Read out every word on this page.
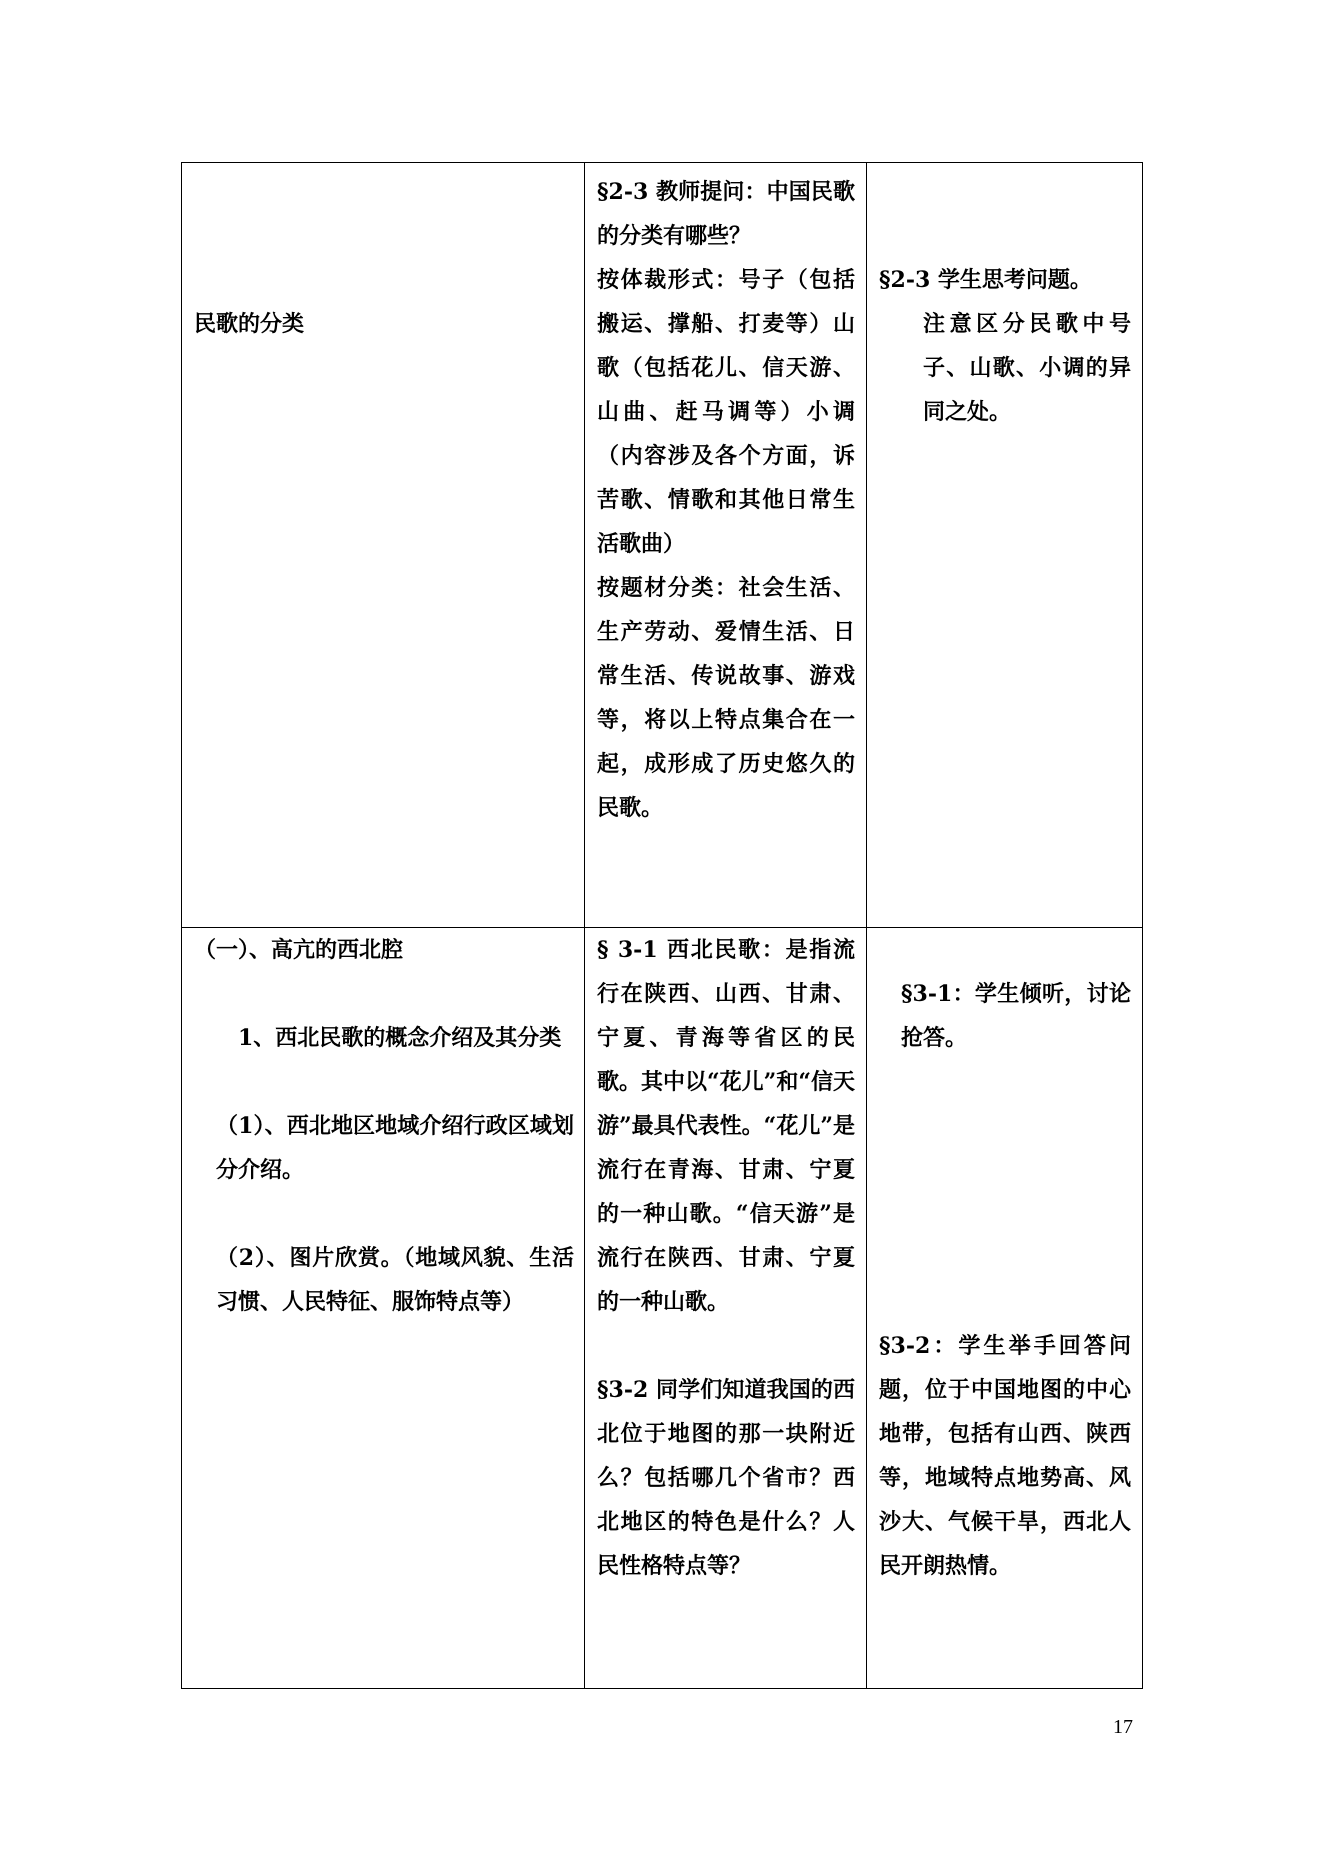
民歌的分类

§2-3 教师提问：中国民歌的分类有哪些？

按体裁形式：号子（包括搬运、撑船、打麦等）山歌（包括花儿、信天游、山曲、赶马调等）小调（内容涉及各个方面，诉苦歌、情歌和其他日常生活歌曲）

按题材分类：社会生活、生产劳动、爱情生活、日常生活、传说故事、游戏等，将以上特点集合在一起，成形成了历史悠久的民歌。

§2-3 学生思考问题。

注意区分民歌中号子、山歌、小调的异同之处。

（一）、高亢的西北腔

1、西北民歌的概念介绍及其分类

（1）、西北地区地域介绍行政区域划分介绍。

（2）、图片欣赏。（地域风貌、生活习惯、人民特征、服饰特点等）

§ 3-1 西北民歌：是指流行在陕西、山西、甘肃、宁夏、青海等省区的民歌。其中以“花儿”和“信天游”最具代表性。“花儿”是流行在青海、甘肃、宁夏的一种山歌。“信天游”是流行在陕西、甘肃、宁夏的一种山歌。

§3-2 同学们知道我国的西北位于地图的那一块附近么？包括哪几个省市？西北地区的特色是什么？人民性格特点等？

§3-1：学生倾听，讨论抢答。

§3-2：学生举手回答问题，位于中国地图的中心地带，包括有山西、陕西等，地域特点地势高、风沙大、气候干旱，西北人民开朗热情。

17
